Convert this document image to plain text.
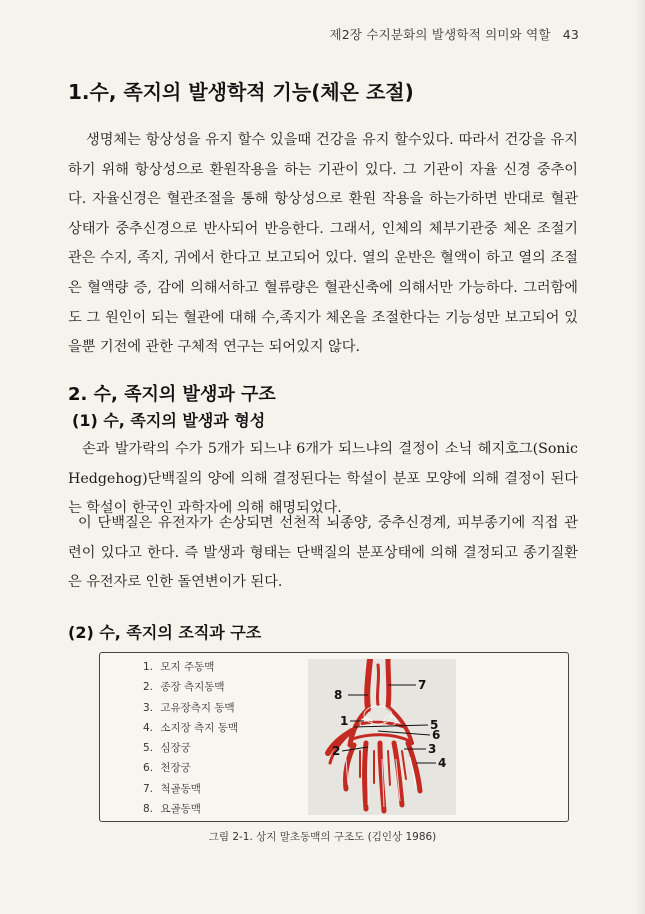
제2장 수지분화의 발생학적 의미와 역할 43
1.수, 족지의 발생학적 기능(체온 조절)

생명체는 항상성을 유지 할수 있을때 건강을 유지 할수있다. 따라서 건강을 유지하기 위해 항상성으로 환원작용을 하는 기관이 있다. 그 기관이 자율 신경 중추이다. 자율신경은 혈관조절을 통해 항상성으로 환원 작용을 하는가하면 반대로 혈관상태가 중추신경으로 반사되어 반응한다. 그래서, 인체의 체부기관중 체온 조절기관은 수지, 족지, 귀에서 한다고 보고되어 있다. 열의 운반은 혈액이 하고 열의 조절은 혈액량 증, 감에 의해서하고 혈류량은 혈관신축에 의해서만 가능하다. 그러함에도 그 원인이 되는 혈관에 대해 수,족지가 체온을 조절한다는 기능성만 보고되어 있을뿐 기전에 관한 구체적 연구는 되어있지 않다.

2. 수, 족지의 발생과 구조
(1) 수, 족지의 발생과 형성

손과 발가락의 수가 5개가 되느냐 6개가 되느냐의 결정이 소닉 헤지호그(Sonic Hedgehog)단백질의 양에 의해 결정된다는 학설이 분포 모양에 의해 결정이 된다는 학설이 한국인 과학자에 의해 해명되었다.

이 단백질은 유전자가 손상되면 선천적 뇌종양, 중추신경계, 피부종기에 직접 관련이 있다고 한다. 즉 발생과 형태는 단백질의 분포상태에 의해 결정되고 종기질환은 유전자로 인한 돌연변이가 된다.

(2) 수, 족지의 조직과 구조
1. 모지 주동맥
2. 종장 측지동맥
3. 고유장측지 동맥
4. 소지장 측지 동맥
5. 심장궁
6. 천장궁
7. 척골동맥
8. 요골동맥
8
7
5
6
1
2	3
4
그림 2-1. 상지 말초동맥의 구조도 (김인상 1986)
